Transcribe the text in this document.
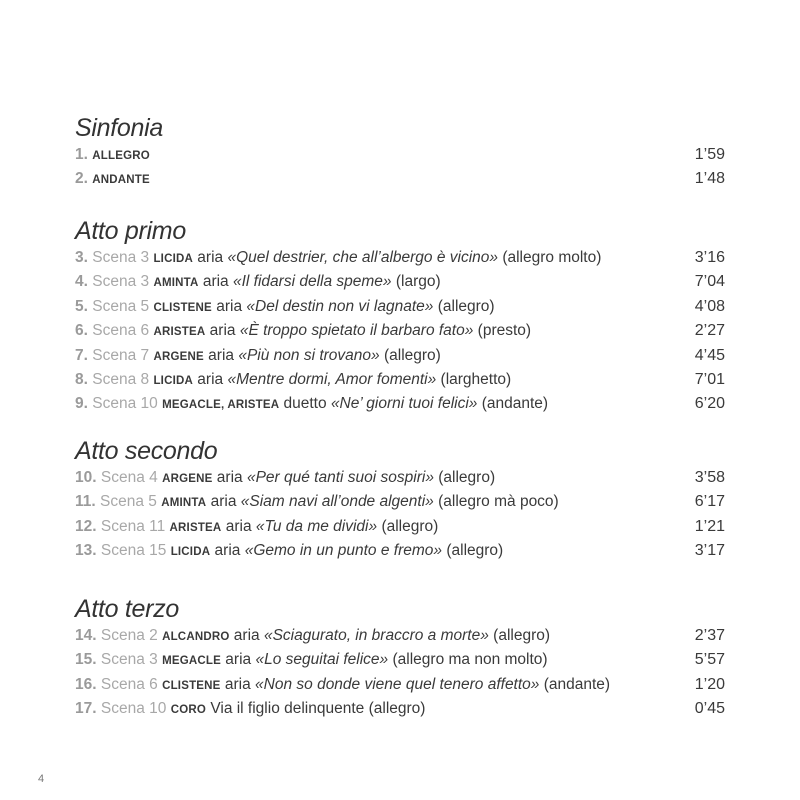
Sinfonia
1. ALLEGRO	1’59
2. ANDANTE	1’48
Atto primo
3. Scena 3 LICIDA aria «Quel destrier, che all’albergo è vicino» (allegro molto)	3’16
4. Scena 3 AMINTA aria «Il fidarsi della speme» (largo)	7’04
5. Scena 5 CLISTENE aria «Del destin non vi lagnate» (allegro)	4’08
6. Scena 6 ARISTEA aria «È troppo spietato il barbaro fato» (presto)	2’27
7. Scena 7 ARGENE aria «Più non si trovano» (allegro)	4’45
8. Scena 8 LICIDA aria «Mentre dormi, Amor fomenti» (larghetto)	7’01
9. Scena 10 MEGACLE, ARISTEA duetto «Ne’ giorni tuoi felici» (andante)	6’20
Atto secondo
10. Scena 4 ARGENE aria «Per qué tanti suoi sospiri» (allegro)	3’58
11. Scena 5 AMINTA aria «Siam navi all’onde algenti» (allegro mà poco)	6’17
12. Scena 11 ARISTEA aria «Tu da me dividi» (allegro)	1’21
13. Scena 15 LICIDA aria «Gemo in un punto e fremo» (allegro)	3’17
Atto terzo
14. Scena 2 ALCANDRO aria «Sciagurato, in braccro a morte» (allegro)	2’37
15. Scena 3 MEGACLE aria «Lo seguitai felice» (allegro ma non molto)	5’57
16. Scena 6 CLISTENE aria «Non so donde viene quel tenero affetto» (andante)	1’20
17. Scena 10 CORO Via il figlio delinquente (allegro)	0’45
4
